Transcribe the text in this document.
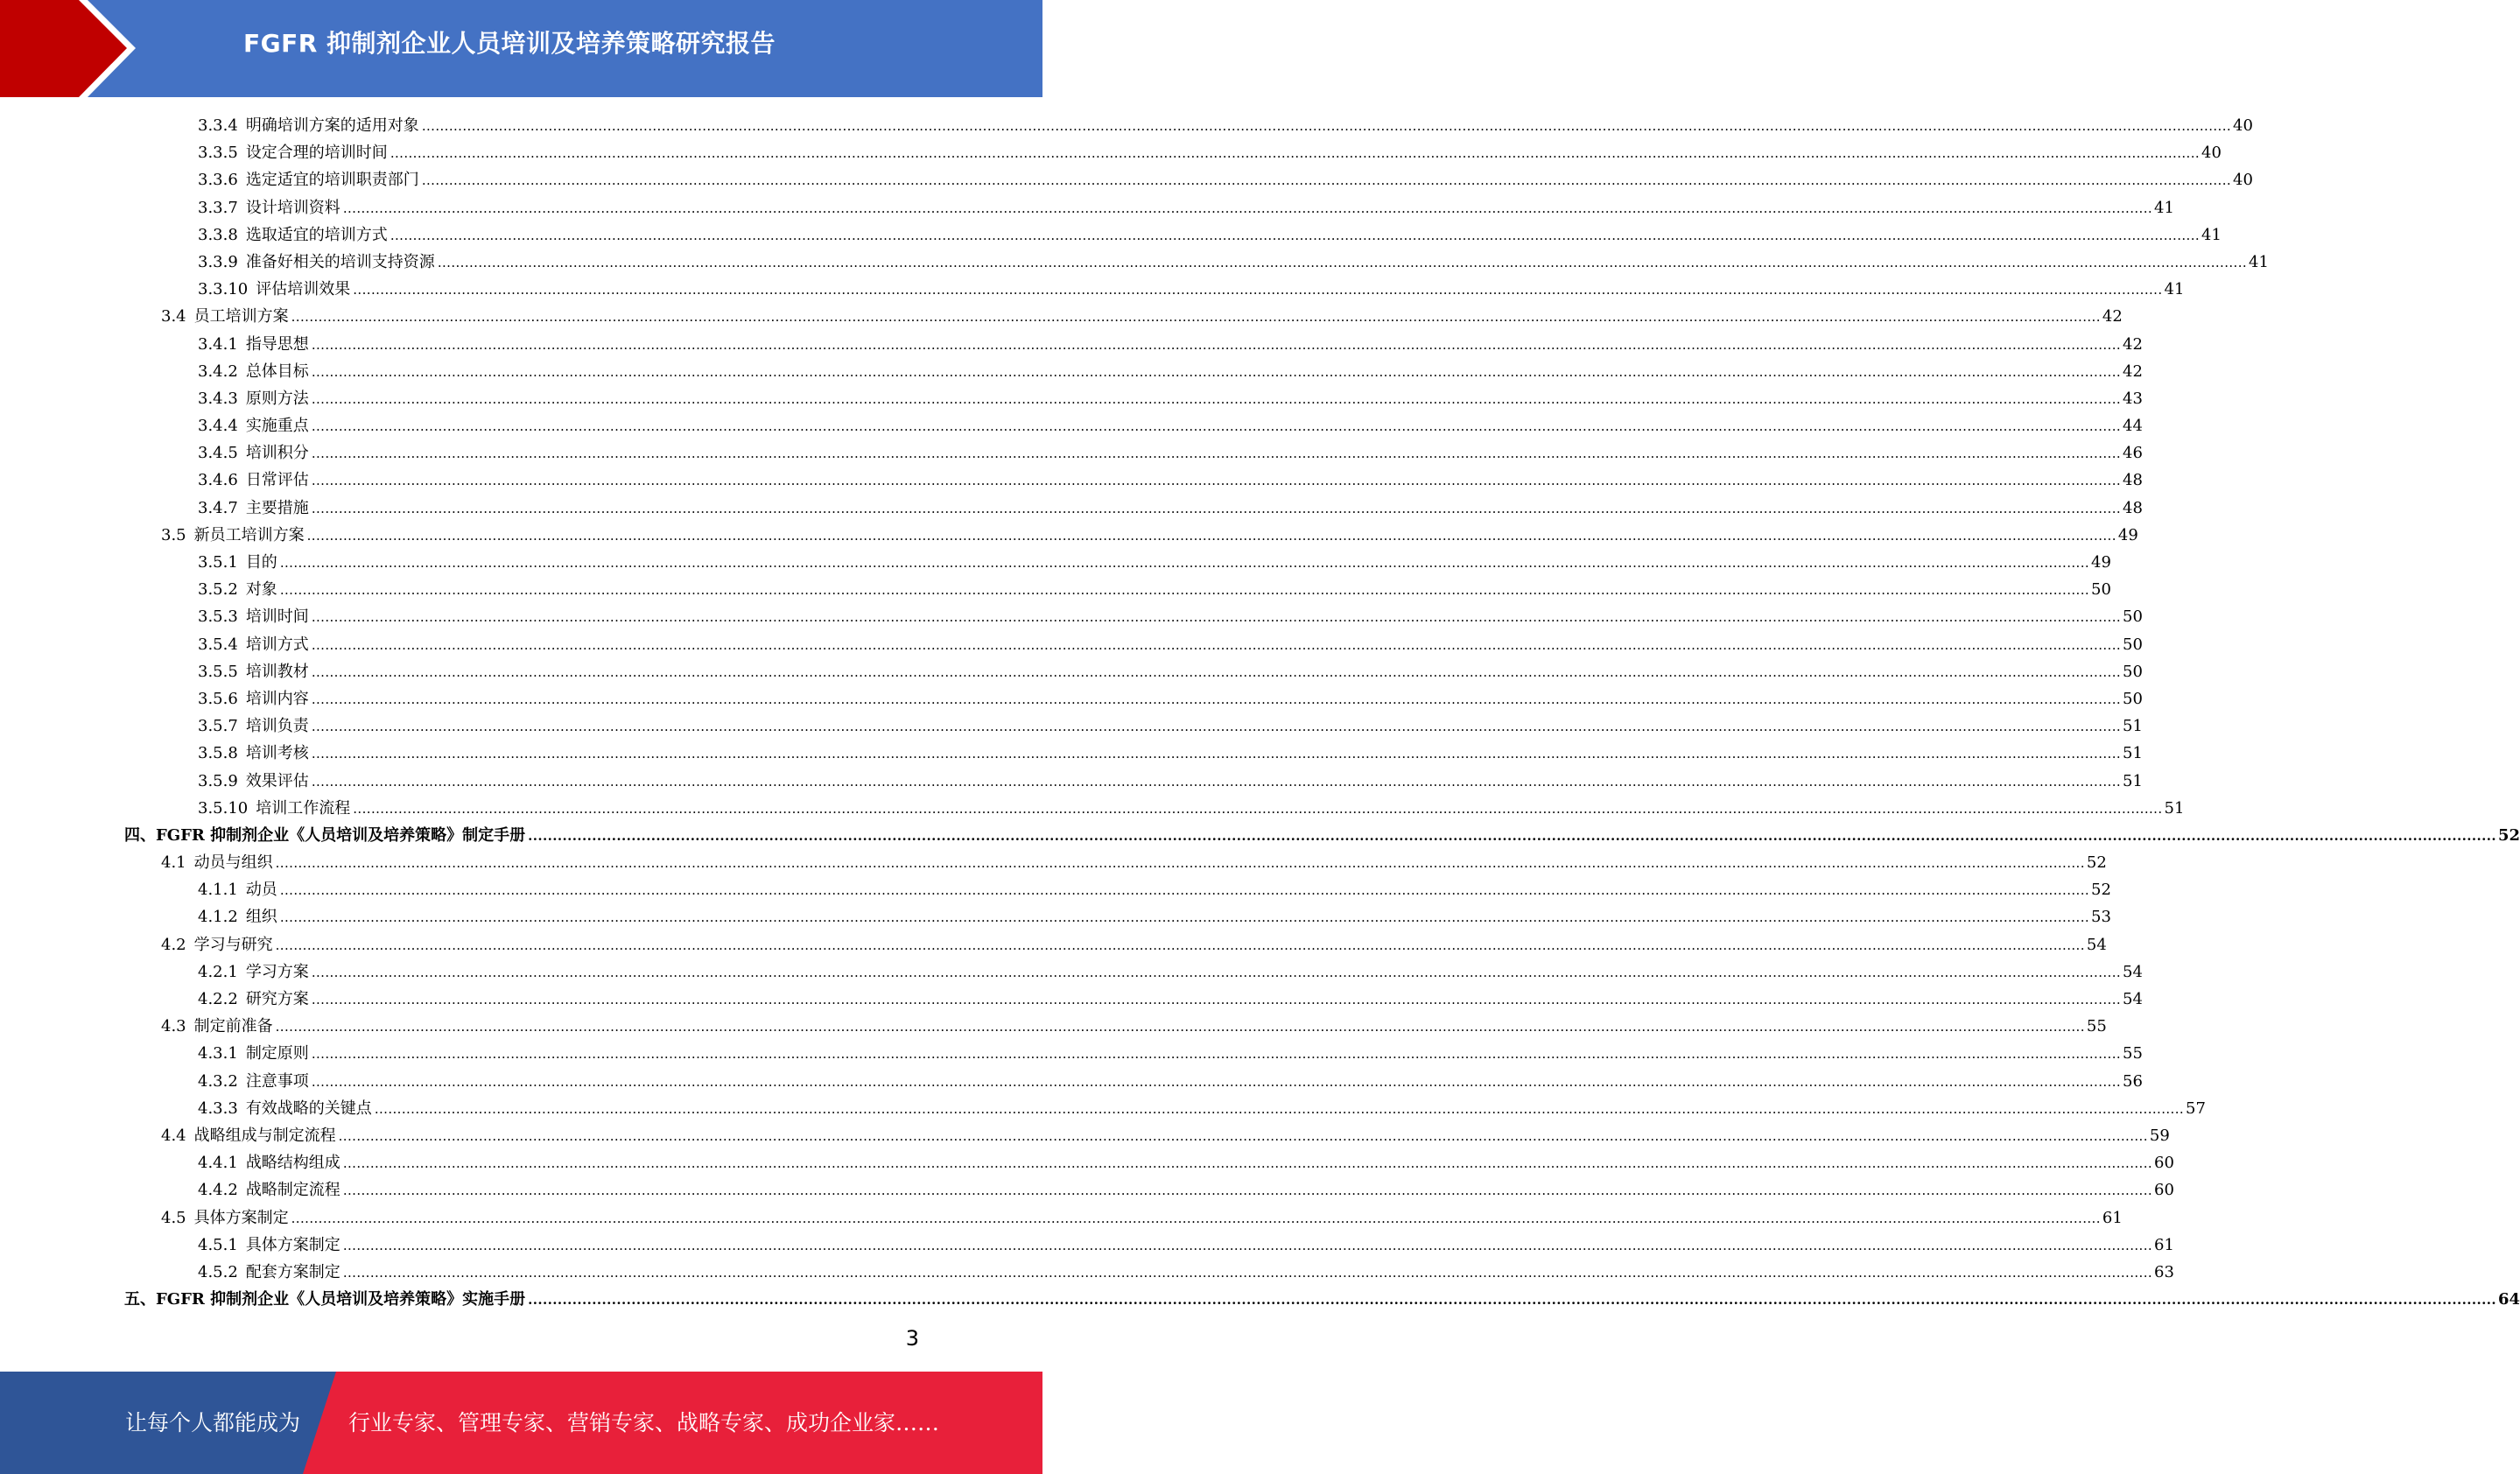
FGFR 抑制剂企业人员培训及培养策略研究报告
3.3.4 明确培训方案的适用对象 ................................................................................................................................................................................................................................................................................................................................................................................................................ 40
3.3.5 设定合理的培训时间 ................................................................................................................................................................................................................................................................................................................................................................................................................ 40
3.3.6 选定适宜的培训职责部门 ................................................................................................................................................................................................................................................................................................................................................................................................................ 40
3.3.7 设计培训资料 ................................................................................................................................................................................................................................................................................................................................................................................................................ 41
3.3.8 选取适宜的培训方式 ................................................................................................................................................................................................................................................................................................................................................................................................................ 41
3.3.9 准备好相关的培训支持资源 ................................................................................................................................................................................................................................................................................................................................................................................................................ 41
3.3.10 评估培训效果 ................................................................................................................................................................................................................................................................................................................................................................................................................ 41
3.4 员工培训方案 ................................................................................................................................................................................................................................................................................................................................................................................................................ 42
3.4.1 指导思想 ................................................................................................................................................................................................................................................................................................................................................................................................................ 42
3.4.2 总体目标 ................................................................................................................................................................................................................................................................................................................................................................................................................ 42
3.4.3 原则方法 ................................................................................................................................................................................................................................................................................................................................................................................................................ 43
3.4.4 实施重点 ................................................................................................................................................................................................................................................................................................................................................................................................................ 44
3.4.5 培训积分 ................................................................................................................................................................................................................................................................................................................................................................................................................ 46
3.4.6 日常评估 ................................................................................................................................................................................................................................................................................................................................................................................................................ 48
3.4.7 主要措施 ................................................................................................................................................................................................................................................................................................................................................................................................................ 48
3.5 新员工培训方案 ................................................................................................................................................................................................................................................................................................................................................................................................................ 49
3.5.1 目的 ................................................................................................................................................................................................................................................................................................................................................................................................................ 49
3.5.2 对象 ................................................................................................................................................................................................................................................................................................................................................................................................................ 50
3.5.3 培训时间 ................................................................................................................................................................................................................................................................................................................................................................................................................ 50
3.5.4 培训方式 ................................................................................................................................................................................................................................................................................................................................................................................................................ 50
3.5.5 培训教材 ................................................................................................................................................................................................................................................................................................................................................................................................................ 50
3.5.6 培训内容 ................................................................................................................................................................................................................................................................................................................................................................................................................ 50
3.5.7 培训负责 ................................................................................................................................................................................................................................................................................................................................................................................................................ 51
3.5.8 培训考核 ................................................................................................................................................................................................................................................................................................................................................................................................................ 51
3.5.9 效果评估 ................................................................................................................................................................................................................................................................................................................................................................................................................ 51
3.5.10 培训工作流程 ................................................................................................................................................................................................................................................................................................................................................................................................................ 51
四、FGFR 抑制剂企业《人员培训及培养策略》制定手册 ................................................................................................................................................................................................................................................................................................................................................................................................................ 52
4.1 动员与组织 ................................................................................................................................................................................................................................................................................................................................................................................................................ 52
4.1.1 动员 ................................................................................................................................................................................................................................................................................................................................................................................................................ 52
4.1.2 组织 ................................................................................................................................................................................................................................................................................................................................................................................................................ 53
4.2 学习与研究 ................................................................................................................................................................................................................................................................................................................................................................................................................ 54
4.2.1 学习方案 ................................................................................................................................................................................................................................................................................................................................................................................................................ 54
4.2.2 研究方案 ................................................................................................................................................................................................................................................................................................................................................................................................................ 54
4.3 制定前准备 ................................................................................................................................................................................................................................................................................................................................................................................................................ 55
4.3.1 制定原则 ................................................................................................................................................................................................................................................................................................................................................................................................................ 55
4.3.2 注意事项 ................................................................................................................................................................................................................................................................................................................................................................................................................ 56
4.3.3 有效战略的关键点 ................................................................................................................................................................................................................................................................................................................................................................................................................ 57
4.4 战略组成与制定流程 ................................................................................................................................................................................................................................................................................................................................................................................................................ 59
4.4.1 战略结构组成 ................................................................................................................................................................................................................................................................................................................................................................................................................ 60
4.4.2 战略制定流程 ................................................................................................................................................................................................................................................................................................................................................................................................................ 60
4.5 具体方案制定 ................................................................................................................................................................................................................................................................................................................................................................................................................ 61
4.5.1 具体方案制定 ................................................................................................................................................................................................................................................................................................................................................................................................................ 61
4.5.2 配套方案制定 ................................................................................................................................................................................................................................................................................................................................................................................................................ 63
五、FGFR 抑制剂企业《人员培训及培养策略》实施手册 ................................................................................................................................................................................................................................................................................................................................................................................................................ 64
3
让每个人都能成为 行业专家、管理专家、营销专家、战略专家、成功企业家……
